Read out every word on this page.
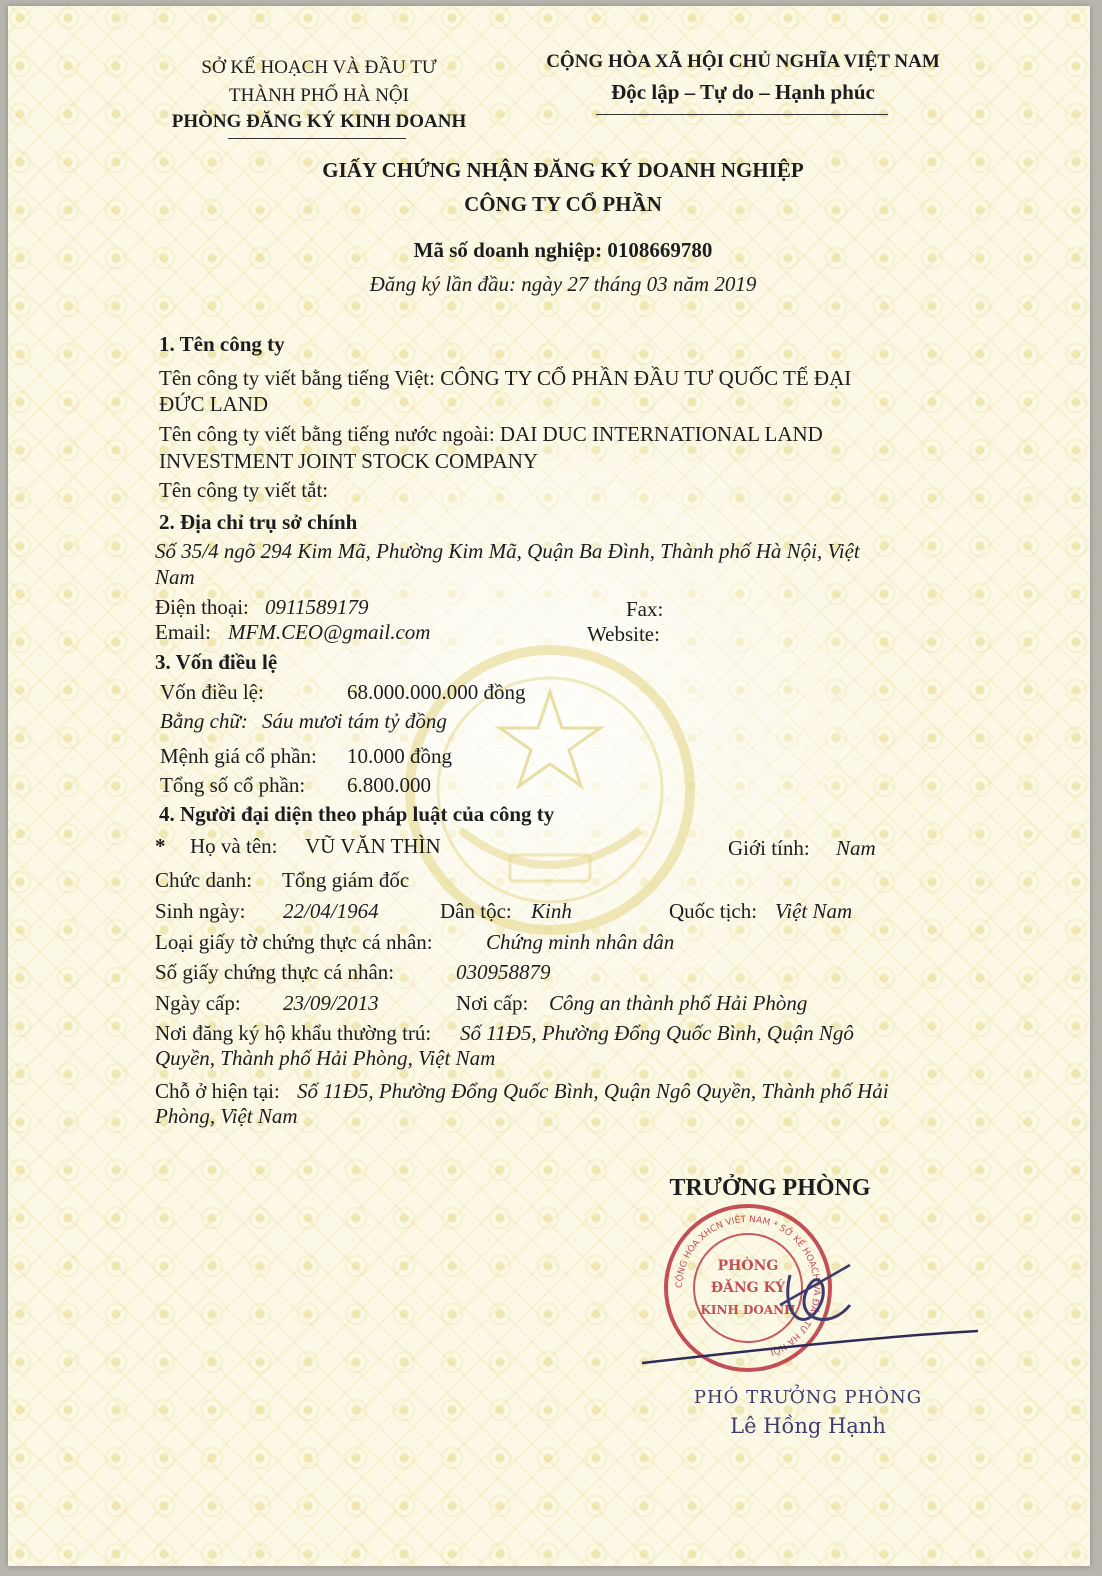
SỞ KẾ HOẠCH VÀ ĐẦU TƯ
THÀNH PHỐ HÀ NỘI
PHÒNG ĐĂNG KÝ KINH DOANH
CỘNG HÒA XÃ HỘI CHỦ NGHĨA VIỆT NAM
Độc lập – Tự do – Hạnh phúc
GIẤY CHỨNG NHẬN ĐĂNG KÝ DOANH NGHIỆP
CÔNG TY CỔ PHẦN
Mã số doanh nghiệp: 0108669780
Đăng ký lần đầu: ngày 27 tháng 03 năm 2019
1. Tên công ty
Tên công ty viết bằng tiếng Việt: CÔNG TY CỔ PHẦN ĐẦU TƯ QUỐC TẾ ĐẠI
ĐỨC LAND
Tên công ty viết bằng tiếng nước ngoài: DAI DUC INTERNATIONAL LAND
INVESTMENT JOINT STOCK COMPANY
Tên công ty viết tắt:
2. Địa chỉ trụ sở chính
Số 35/4 ngõ 294 Kim Mã, Phường Kim Mã, Quận Ba Đình, Thành phố Hà Nội, Việt
Nam
Điện thoại: 0911589179	Fax:
Email: MFM.CEO@gmail.com	Website:
3. Vốn điều lệ
Vốn điều lệ:	68.000.000.000 đồng
Bằng chữ: Sáu mươi tám tỷ đồng
Mệnh giá cổ phần: 10.000 đồng
Tổng số cổ phần: 6.800.000
4. Người đại diện theo pháp luật của công ty
* Họ và tên: VŨ VĂN THÌN	Giới tính: Nam
Chức danh: Tổng giám đốc
Sinh ngày: 22/04/1964	Dân tộc: Kinh	Quốc tịch: Việt Nam
Loại giấy tờ chứng thực cá nhân:	Chứng minh nhân dân
Số giấy chứng thực cá nhân:	030958879
Ngày cấp: 23/09/2013	Nơi cấp: Công an thành phố Hải Phòng
Nơi đăng ký hộ khẩu thường trú: Số 11Đ5, Phường Đổng Quốc Bình, Quận Ngô
Quyền, Thành phố Hải Phòng, Việt Nam
Chỗ ở hiện tại: Số 11Đ5, Phường Đổng Quốc Bình, Quận Ngô Quyền, Thành phố Hải
Phòng, Việt Nam
TRƯỞNG PHÒNG
CỘNG HÒA XHCN VIỆT NAM * SỞ KẾ HOẠCH VÀ ĐẦU TƯ HÀ NỘI
PHÒNG
ĐĂNG KÝ
KINH DOANH
PHÓ TRƯỞNG PHÒNG
Lê Hồng Hạnh
